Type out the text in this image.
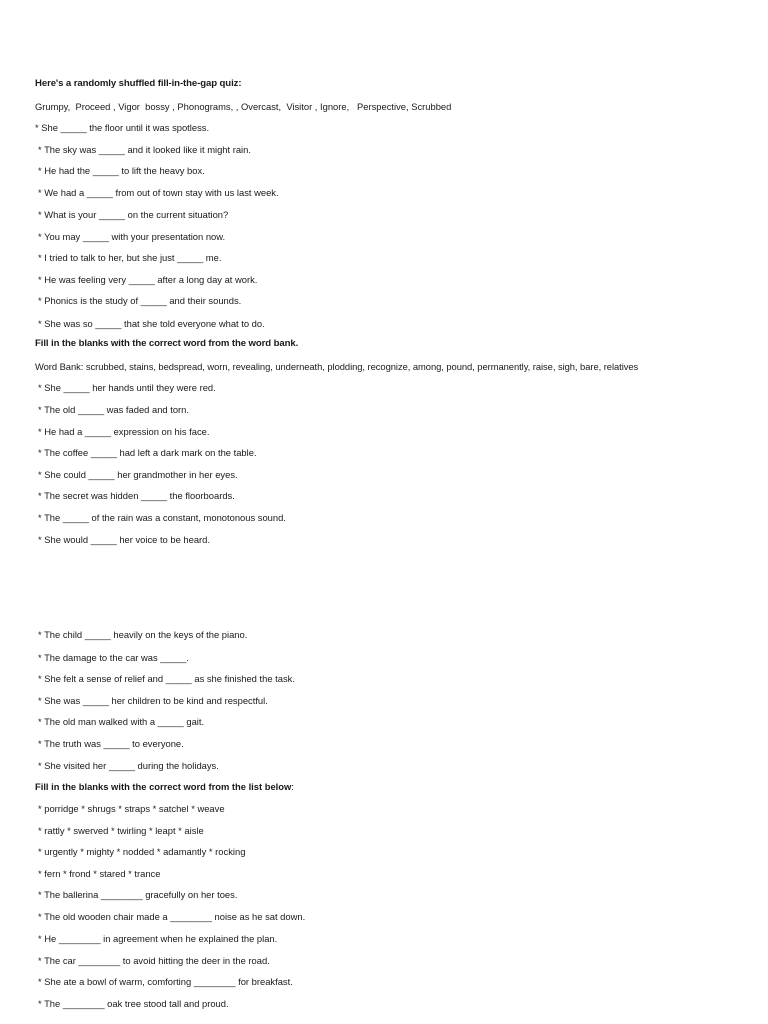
Here's a randomly shuffled fill-in-the-gap quiz:
Grumpy,  Proceed , Vigor  bossy , Phonograms, , Overcast,  Visitor , Ignore,   Perspective, Scrubbed
* She _____ the floor until it was spotless.
* The sky was _____ and it looked like it might rain.
* He had the _____ to lift the heavy box.
* We had a _____ from out of town stay with us last week.
* What is your _____ on the current situation?
* You may _____ with your presentation now.
* I tried to talk to her, but she just _____ me.
* He was feeling very _____ after a long day at work.
* Phonics is the study of _____ and their sounds.
* She was so _____ that she told everyone what to do.
Fill in the blanks with the correct word from the word bank.
Word Bank: scrubbed, stains, bedspread, worn, revealing, underneath, plodding, recognize, among, pound, permanently, raise, sigh, bare, relatives
* She _____ her hands until they were red.
* The old _____ was faded and torn.
* He had a _____ expression on his face.
* The coffee _____ had left a dark mark on the table.
* She could _____ her grandmother in her eyes.
* The secret was hidden _____ the floorboards.
* The _____ of the rain was a constant, monotonous sound.
* She would _____ her voice to be heard.
* The child _____ heavily on the keys of the piano.
* The damage to the car was _____.
* She felt a sense of relief and _____ as she finished the task.
* She was _____ her children to be kind and respectful.
* The old man walked with a _____ gait.
* The truth was _____ to everyone.
* She visited her _____ during the holidays.
Fill in the blanks with the correct word from the list below:
* porridge * shrugs * straps * satchel * weave
* rattly * swerved * twirling * leapt * aisle
* urgently * mighty * nodded * adamantly * rocking
* fern * frond * stared * trance
* The ballerina ________ gracefully on her toes.
* The old wooden chair made a ________ noise as he sat down.
* He ________ in agreement when he explained the plan.
* The car ________ to avoid hitting the deer in the road.
* She ate a bowl of warm, comforting ________ for breakfast.
* The ________ oak tree stood tall and proud.
